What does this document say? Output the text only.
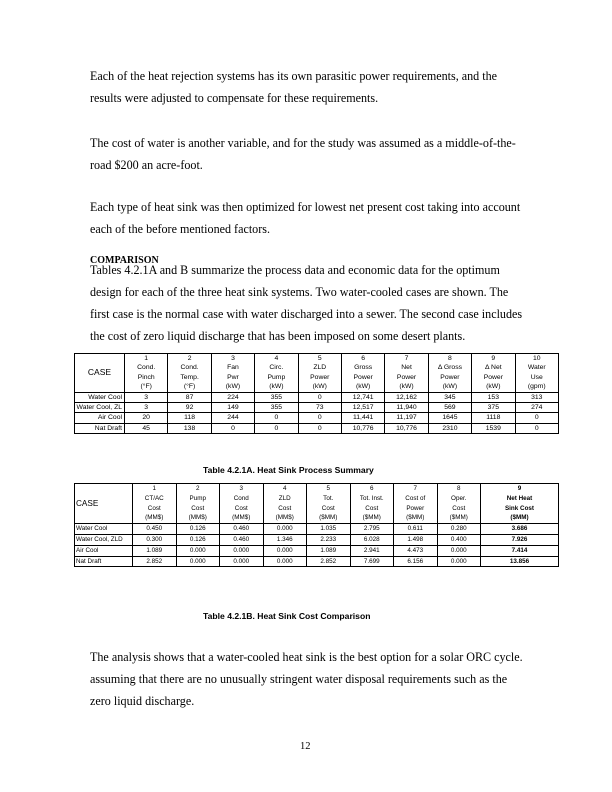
Each of the heat rejection systems has its own parasitic power requirements, and the results were adjusted to compensate for these requirements.

The cost of water is another variable, and for the study was assumed as a middle-of-the-road $200 an acre-foot.

Each type of heat sink was then optimized for lowest net present cost taking into account each of the before mentioned factors.

COMPARISON

Tables 4.2.1A and B summarize the process data and economic data for the optimum design for each of the three heat sink systems. Two water-cooled cases are shown. The first case is the normal case with water discharged into a sewer. The second case includes the cost of zero liquid discharge that has been imposed on some desert plants.

CASE	1	2	3	4	5	6	7	8	9	10
	Cond.	Cond.	Fan	Circ.	ZLD	Gross	Net	Δ Gross	Δ Net	Water
	Pinch	Temp.	Pwr	Pump	Power	Power	Power	Power	Power	Use
	(°F)	(°F)	(kW)	(kW)	(kW)	(kW)	(kW)	(kW)	(kW)	(gpm)
Water Cool	3	87	224	355	0	12,741	12,162	345	153	313
Water Cool, ZL	3	92	149	355	73	12,517	11,940	569	375	274
Air Cool	20	118	244	0	0	11,441	11,197	1645	1118	0
Nat Draft	45	138	0	0	0	10,776	10,776	2310	1539	0

Table 4.2.1A. Heat Sink Process Summary

CASE	1	2	3	4	5	6	7	8	9
	CT/AC	Pump	Cond	ZLD	Tot.	Tot. Inst.	Cost of	Oper.	Net Heat
	Cost	Cost	Cost	Cost	Cost	Cost	Power	Cost	Sink Cost
	(MM$)	(MM$)	(MM$)	(MM$)	($MM)	($MM)	($MM)	($MM)	($MM)
Water Cool	0.450	0.126	0.460	0.000	1.035	2.795	0.611	0.280	3.686
Water Cool, ZLD	0.300	0.126	0.460	1.346	2.233	6.028	1.498	0.400	7.926
Air Cool	1.089	0.000	0.000	0.000	1.089	2.941	4.473	0.000	7.414
Nat Draft	2.852	0.000	0.000	0.000	2.852	7.699	6.156	0.000	13.856

Table 4.2.1B. Heat Sink Cost Comparison

The analysis shows that a water-cooled heat sink is the best option for a solar ORC cycle. assuming that there are no unusually stringent water disposal requirements such as the zero liquid discharge.

12
